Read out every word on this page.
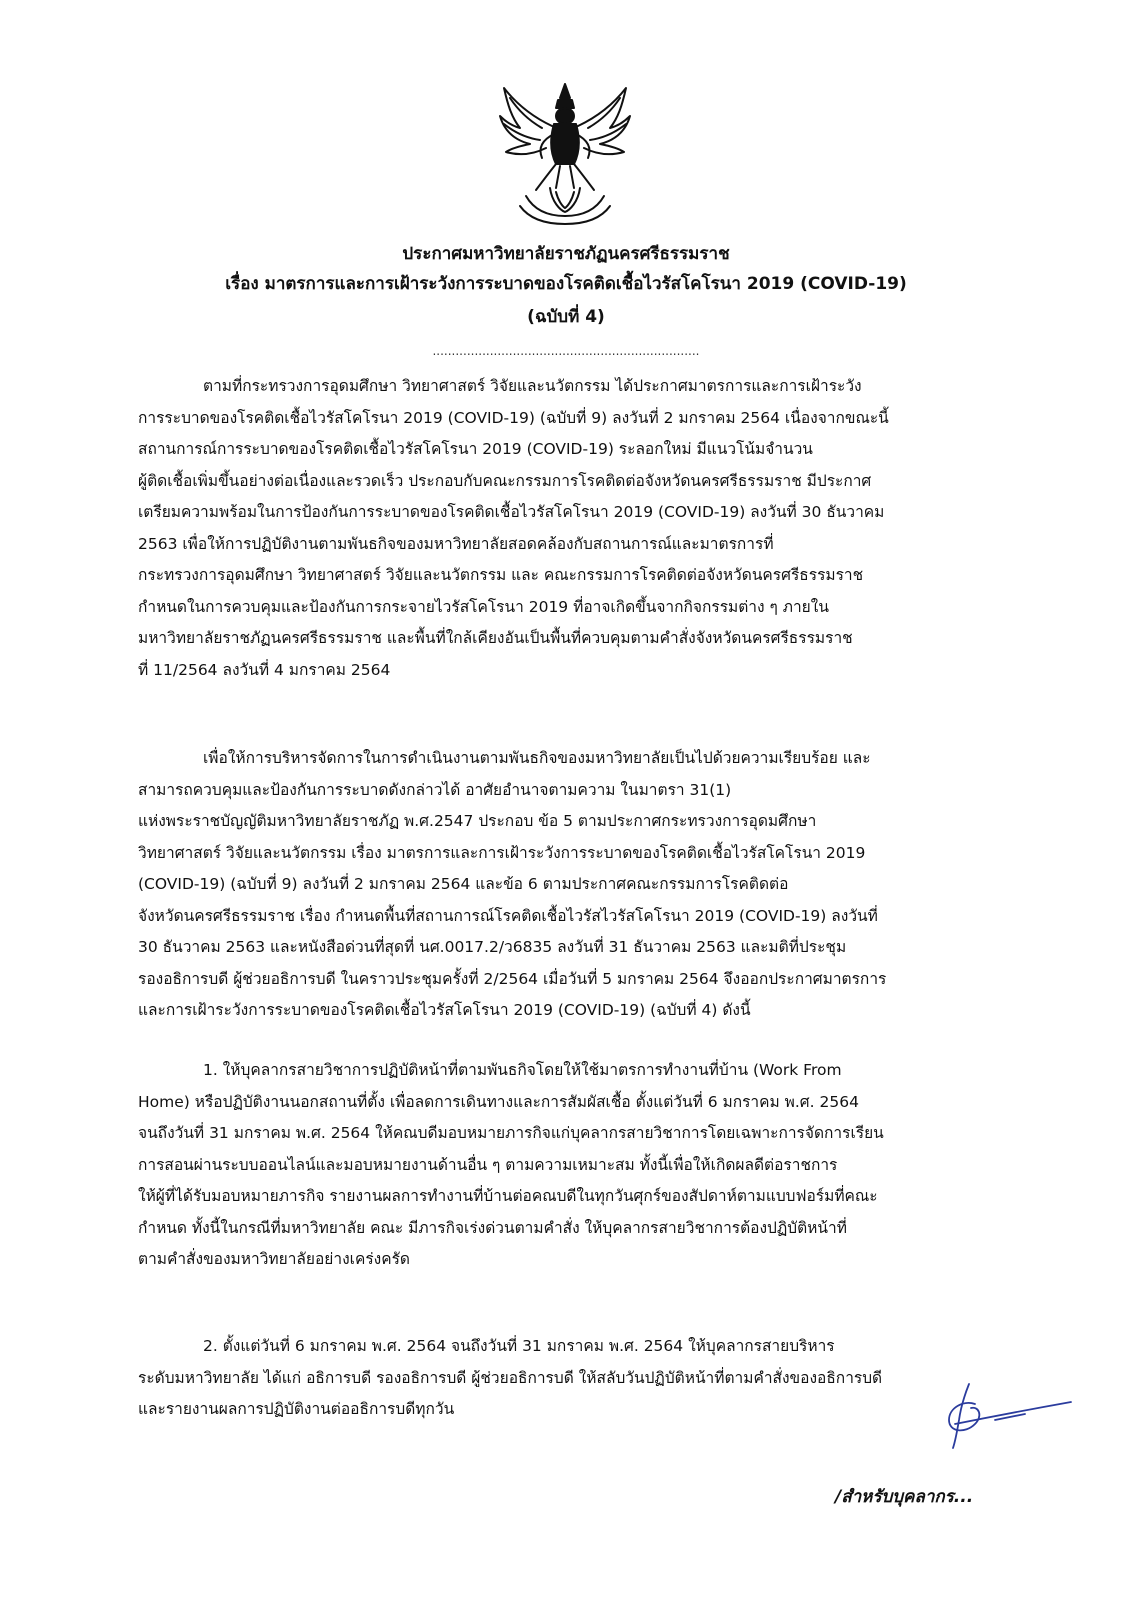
ประกาศมหาวิทยาลัยราชภัฏนครศรีธรรมราช
เรื่อง มาตรการและการเฝ้าระวังการระบาดของโรคติดเชื้อไวรัสโคโรนา 2019 (COVID-19)
(ฉบับที่ 4)
......................................................................
ตามที่กระทรวงการอุดมศึกษา วิทยาศาสตร์ วิจัยและนวัตกรรม ได้ประกาศมาตรการและการเฝ้าระวัง
การระบาดของโรคติดเชื้อไวรัสโคโรนา 2019 (COVID-19) (ฉบับที่ 9) ลงวันที่ 2 มกราคม 2564 เนื่องจากขณะนี้
สถานการณ์การระบาดของโรคติดเชื้อไวรัสโคโรนา 2019 (COVID-19) ระลอกใหม่ มีแนวโน้มจำนวน
ผู้ติดเชื้อเพิ่มขึ้นอย่างต่อเนื่องและรวดเร็ว ประกอบกับคณะกรรมการโรคติดต่อจังหวัดนครศรีธรรมราช มีประกาศ
เตรียมความพร้อมในการป้องกันการระบาดของโรคติดเชื้อไวรัสโคโรนา 2019 (COVID-19) ลงวันที่ 30 ธันวาคม
2563 เพื่อให้การปฏิบัติงานตามพันธกิจของมหาวิทยาลัยสอดคล้องกับสถานการณ์และมาตรการที่
กระทรวงการอุดมศึกษา วิทยาศาสตร์ วิจัยและนวัตกรรม และ คณะกรรมการโรคติดต่อจังหวัดนครศรีธรรมราช
กำหนดในการควบคุมและป้องกันการกระจายไวรัสโคโรนา 2019 ที่อาจเกิดขึ้นจากกิจกรรมต่าง ๆ ภายใน
มหาวิทยาลัยราชภัฏนครศรีธรรมราช และพื้นที่ใกล้เคียงอันเป็นพื้นที่ควบคุมตามคำสั่งจังหวัดนครศรีธรรมราช
ที่ 11/2564 ลงวันที่ 4 มกราคม 2564
เพื่อให้การบริหารจัดการในการดำเนินงานตามพันธกิจของมหาวิทยาลัยเป็นไปด้วยความเรียบร้อย และ
สามารถควบคุมและป้องกันการระบาดดังกล่าวได้ อาศัยอำนาจตามความ ในมาตรา 31(1)
แห่งพระราชบัญญัติมหาวิทยาลัยราชภัฏ พ.ศ.2547 ประกอบ ข้อ 5 ตามประกาศกระทรวงการอุดมศึกษา
วิทยาศาสตร์ วิจัยและนวัตกรรม เรื่อง มาตรการและการเฝ้าระวังการระบาดของโรคติดเชื้อไวรัสโคโรนา 2019
(COVID-19) (ฉบับที่ 9) ลงวันที่ 2 มกราคม 2564 และข้อ 6 ตามประกาศคณะกรรมการโรคติดต่อ
จังหวัดนครศรีธรรมราช เรื่อง กำหนดพื้นที่สถานการณ์โรคติดเชื้อไวรัสไวรัสโคโรนา 2019 (COVID-19) ลงวันที่
30 ธันวาคม 2563 และหนังสือด่วนที่สุดที่ นศ.0017.2/ว6835 ลงวันที่ 31 ธันวาคม 2563 และมติที่ประชุม
รองอธิการบดี ผู้ช่วยอธิการบดี ในคราวประชุมครั้งที่ 2/2564 เมื่อวันที่ 5 มกราคม 2564 จึงออกประกาศมาตรการ
และการเฝ้าระวังการระบาดของโรคติดเชื้อไวรัสโคโรนา 2019 (COVID-19) (ฉบับที่ 4) ดังนี้
1. ให้บุคลากรสายวิชาการปฏิบัติหน้าที่ตามพันธกิจโดยให้ใช้มาตรการทำงานที่บ้าน (Work From
Home) หรือปฏิบัติงานนอกสถานที่ตั้ง เพื่อลดการเดินทางและการสัมผัสเชื้อ ตั้งแต่วันที่ 6 มกราคม พ.ศ. 2564
จนถึงวันที่ 31 มกราคม พ.ศ. 2564 ให้คณบดีมอบหมายภารกิจแก่บุคลากรสายวิชาการโดยเฉพาะการจัดการเรียน
การสอนผ่านระบบออนไลน์และมอบหมายงานด้านอื่น ๆ ตามความเหมาะสม ทั้งนี้เพื่อให้เกิดผลดีต่อราชการ
ให้ผู้ที่ได้รับมอบหมายภารกิจ รายงานผลการทำงานที่บ้านต่อคณบดีในทุกวันศุกร์ของสัปดาห์ตามแบบฟอร์มที่คณะ
กำหนด ทั้งนี้ในกรณีที่มหาวิทยาลัย คณะ มีภารกิจเร่งด่วนตามคำสั่ง ให้บุคลากรสายวิชาการต้องปฏิบัติหน้าที่
ตามคำสั่งของมหาวิทยาลัยอย่างเคร่งครัด
2. ตั้งแต่วันที่ 6 มกราคม พ.ศ. 2564 จนถึงวันที่ 31 มกราคม พ.ศ. 2564 ให้บุคลากรสายบริหาร
ระดับมหาวิทยาลัย ได้แก่ อธิการบดี รองอธิการบดี ผู้ช่วยอธิการบดี ให้สลับวันปฏิบัติหน้าที่ตามคำสั่งของอธิการบดี
และรายงานผลการปฏิบัติงานต่ออธิการบดีทุกวัน
/สำหรับบุคลากร...
